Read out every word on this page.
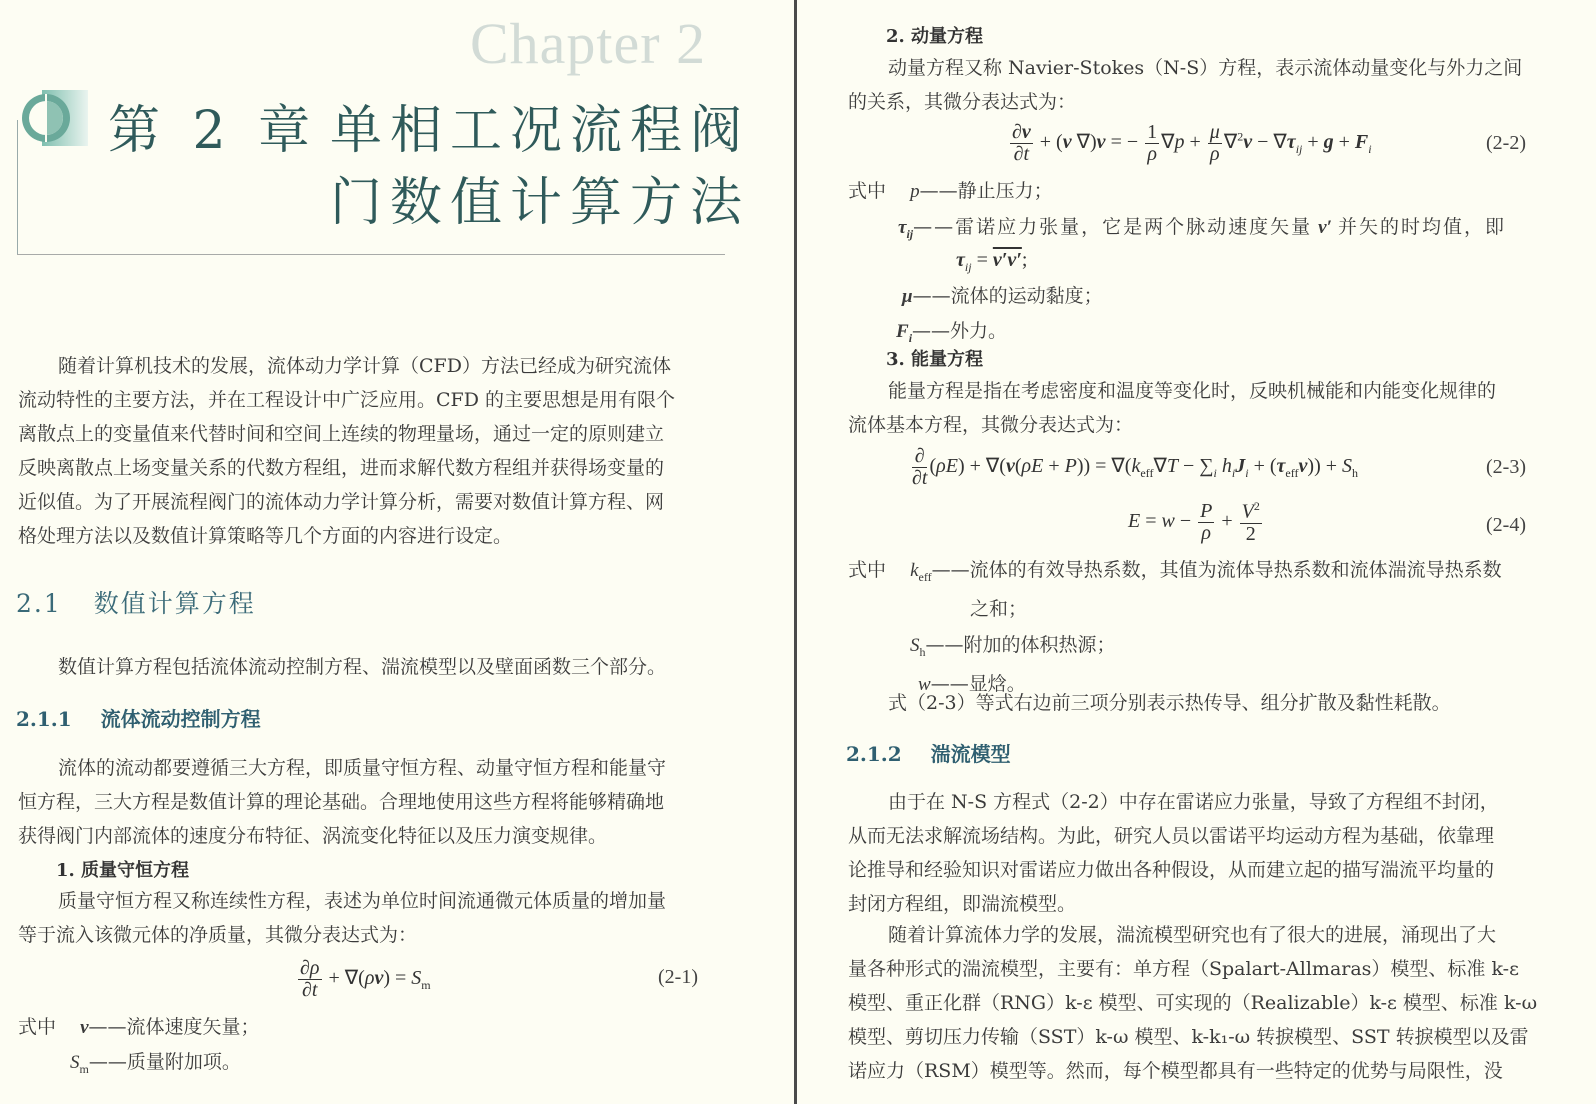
Chapter 2
第 2 章 单相工况流程阀
门数值计算方法
随着计算机技术的发展，流体动力学计算（CFD）方法已经成为研究流体
流动特性的主要方法，并在工程设计中广泛应用。CFD 的主要思想是用有限个
离散点上的变量值来代替时间和空间上连续的物理量场，通过一定的原则建立
反映离散点上场变量关系的代数方程组，进而求解代数方程组并获得场变量的
近似值。为了开展流程阀门的流体动力学计算分析，需要对数值计算方程、网
格处理方法以及数值计算策略等几个方面的内容进行设定。
2.1 数值计算方程
数值计算方程包括流体流动控制方程、湍流模型以及壁面函数三个部分。
2.1.1 流体流动控制方程
流体的流动都要遵循三大方程，即质量守恒方程、动量守恒方程和能量守
恒方程，三大方程是数值计算的理论基础。合理地使用这些方程将能够精确地
获得阀门内部流体的速度分布特征、涡流变化特征以及压力演变规律。
1. 质量守恒方程
质量守恒方程又称连续性方程，表述为单位时间流通微元体质量的增加量
等于流入该微元体的净质量，其微分表达式为：
$\frac{\partial\rho}{\partial t} + \nabla(\rho v) = S_m$	(2-1)
式中 v——流体速度矢量；
$S_m——$质量附加项。
2. 动量方程
动量方程又称 Navier-Stokes（N-S）方程，表示流体动量变化与外力之间
的关系，其微分表达式为：
$\frac{\partial v}{\partial t} + (v$ ∇)v = − $\frac{1}{\rho} \nabla p + \frac{\mu}{\rho} \nabla^2v - \nabla\tau_{ij} + g + F_i$	(2-2)
式中 p——静止压力；
$\tau_{ij}——$雷诺应力张量，它是两个脉动速度矢量 v′ 并矢的时均值，即
$\tau_{ij} = v'v'$;
μ——流体的运动黏度；
$F_i——$外力。
3. 能量方程
能量方程是指在考虑密度和温度等变化时，反映机械能和内能变化规律的
流体基本方程，其微分表达式为：
$\frac{\partial}{\partial t} (\rho E) + \nabla(v(\rho E + P)) = \nabla(k_{eff}\nabla T - \sum_i$ $h_iJ_i + (\tau_{eff}v)) + S_h$	(2-3)
$E = w - \frac{P}{\rho} + \frac{V^2}{2}$	(2-4)
式中 $k_{eff}——$流体的有效导热系数，其值为流体导热系数和流体湍流导热系数
之和；
$S_h——$附加的体积热源；
w——显焓。
式（2-3）等式右边前三项分别表示热传导、组分扩散及黏性耗散。
2.1.2 湍流模型
由于在 N-S 方程式（2-2）中存在雷诺应力张量，导致了方程组不封闭，
从而无法求解流场结构。为此，研究人员以雷诺平均运动方程为基础，依靠理
论推导和经验知识对雷诺应力做出各种假设，从而建立起的描写湍流平均量的
封闭方程组，即湍流模型。
随着计算流体力学的发展，湍流模型研究也有了很大的进展，涌现出了大
量各种形式的湍流模型，主要有：单方程（Spalart-Allmaras）模型、标准 k-ε
模型、重正化群（RNG）k-ε 模型、可实现的（Realizable）k-ε 模型、标准 k-ω
模型、剪切压力传输（SST）k-ω 模型、k-k₁-ω 转捩模型、SST 转捩模型以及雷
诺应力（RSM）模型等。然而，每个模型都具有一些特定的优势与局限性，没
